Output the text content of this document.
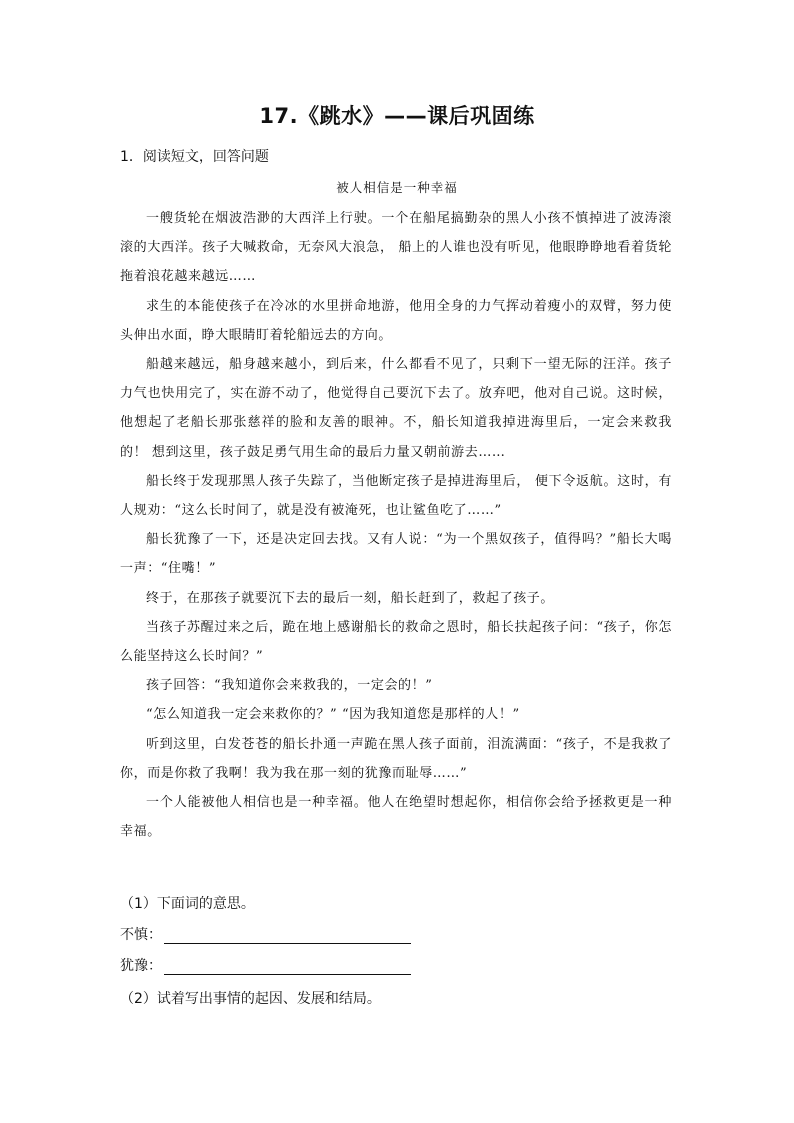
17.《跳水》——课后巩固练
1．阅读短文，回答问题
被人相信是一种幸福

一艘货轮在烟波浩渺的大西洋上行驶。一个在船尾搞勤杂的黑人小孩不慎掉进了波涛滚滚的大西洋。孩子大喊救命，无奈风大浪急， 船上的人谁也没有听见，他眼睁睁地看着货轮拖着浪花越来越远……

求生的本能使孩子在冷冰的水里拼命地游，他用全身的力气挥动着瘦小的双臂，努力使头伸出水面，睁大眼睛盯着轮船远去的方向。

船越来越远，船身越来越小，到后来，什么都看不见了，只剩下一望无际的汪洋。孩子力气也快用完了，实在游不动了，他觉得自己要沉下去了。放弃吧，他对自己说。这时候，他想起了老船长那张慈祥的脸和友善的眼神。不，船长知道我掉进海里后，一定会来救我的！ 想到这里，孩子鼓足勇气用生命的最后力量又朝前游去……

船长终于发现那黑人孩子失踪了，当他断定孩子是掉进海里后， 便下令返航。这时，有人规劝：“这么长时间了，就是没有被淹死，也让鲨鱼吃了……”

船长犹豫了一下，还是决定回去找。又有人说：“为一个黑奴孩子，值得吗？”船长大喝一声：“住嘴！”

终于，在那孩子就要沉下去的最后一刻，船长赶到了，救起了孩子。

当孩子苏醒过来之后，跪在地上感谢船长的救命之恩时，船长扶起孩子问：“孩子，你怎么能坚持这么长时间？”

孩子回答：“我知道你会来救我的，一定会的！”

“怎么知道我一定会来救你的？” “因为我知道您是那样的人！”

听到这里，白发苍苍的船长扑通一声跪在黑人孩子面前，泪流满面：“孩子，不是我救了你，而是你救了我啊！我为我在那一刻的犹豫而耻辱……”

一个人能被他人相信也是一种幸福。他人在绝望时想起你，相信你会给予拯救更是一种幸福。

（1）下面词的意思。
不慎：
犹豫：
（2）试着写出事情的起因、发展和结局。
